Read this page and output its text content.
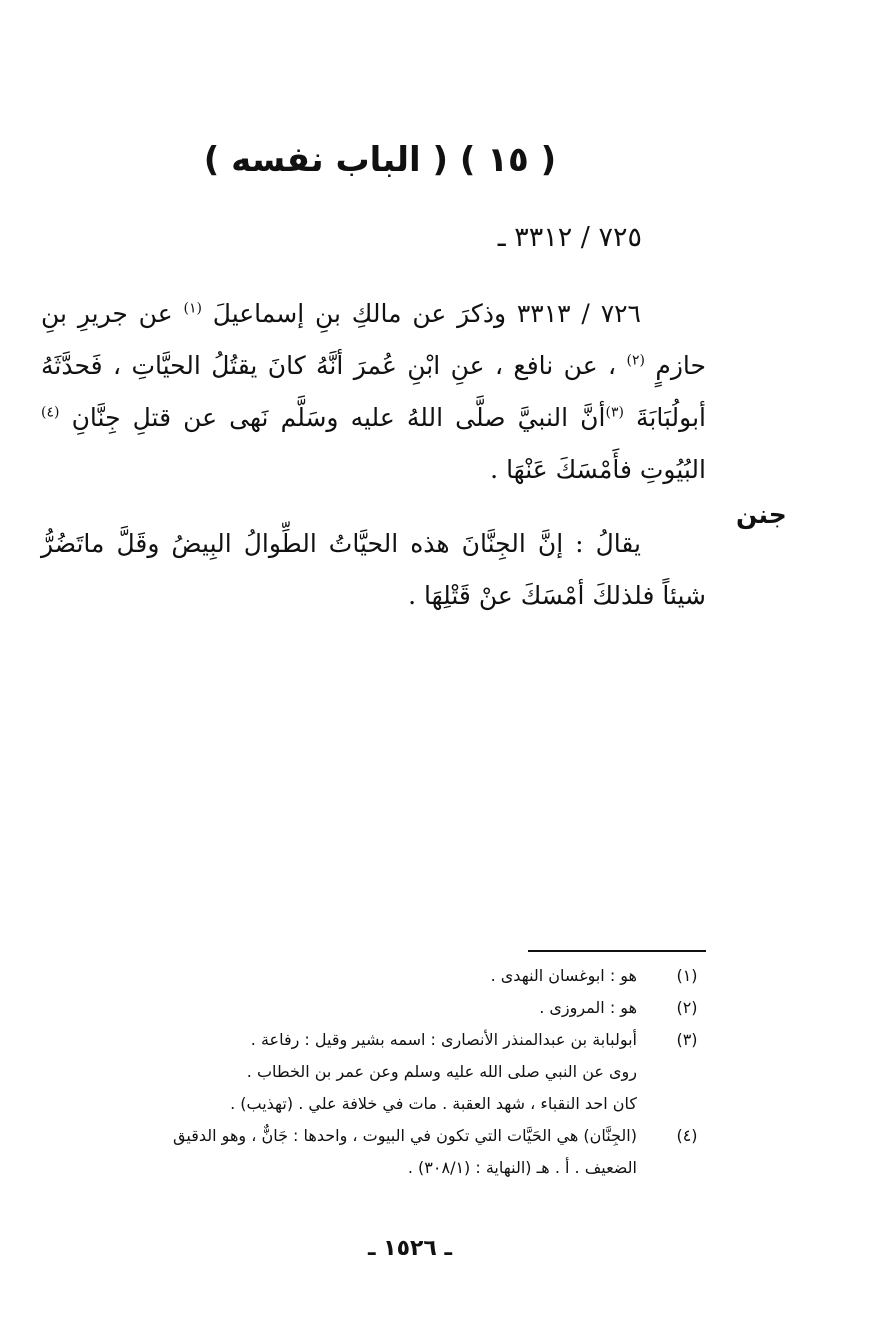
( ١٥ ) ( الباب نفسه )
٧٢٥ / ٣٣١٢ ـ

٧٢٦ / ٣٣١٣ وذكرَ عن مالكِ بنِ إسماعيلَ $^{(١)}$ عن جريرِ بنِ حازمٍ $^{(٢)}$ ، عن نافع ، عنِ ابْنِ عُمرَ أنَّهُ كانَ يقتُلُ الحيَّاتِ ، فَحدَّثَهُ أبولُبَابَةَ $^{(٣)}$أنَّ النبيَّ صلَّى اللهُ عليه وسَلَّم نَهى عن قتلِ جِنَّانِ $^{(٤)}$ البُيُوتِ فأَمْسَكَ عَنْهَا .

يقالُ : إنَّ الجِنَّانَ هذه الحيَّاتُ الطِّوالُ البِيضُ وقَلَّ ماتَضُرُّ شيئاً فلذلكَ أمْسَكَ عنْ قَتْلِهَا .

جنن
(١)
هو : ابوغسان النهدى .
(٢)
هو : المروزى .
(٣)
أبولبابة بن عبدالمنذر الأنصارى : اسمه بشير وقيل : رفاعة .
روى عن النبي صلى الله عليه وسلم وعن عمر بن الخطاب .
كان احد النقباء ، شهد العقبة . مات في خلافة علي . (تهذيب) .
(٤)
(الجِنَّان) هي الحَيَّات التي تكون في البيوت ، واحدها : جَانٌّ ، وهو الدقيق
الضعيف . أ . هـ (النهاية : (٣٠٨/١) .
ـ ١٥٢٦ ـ
